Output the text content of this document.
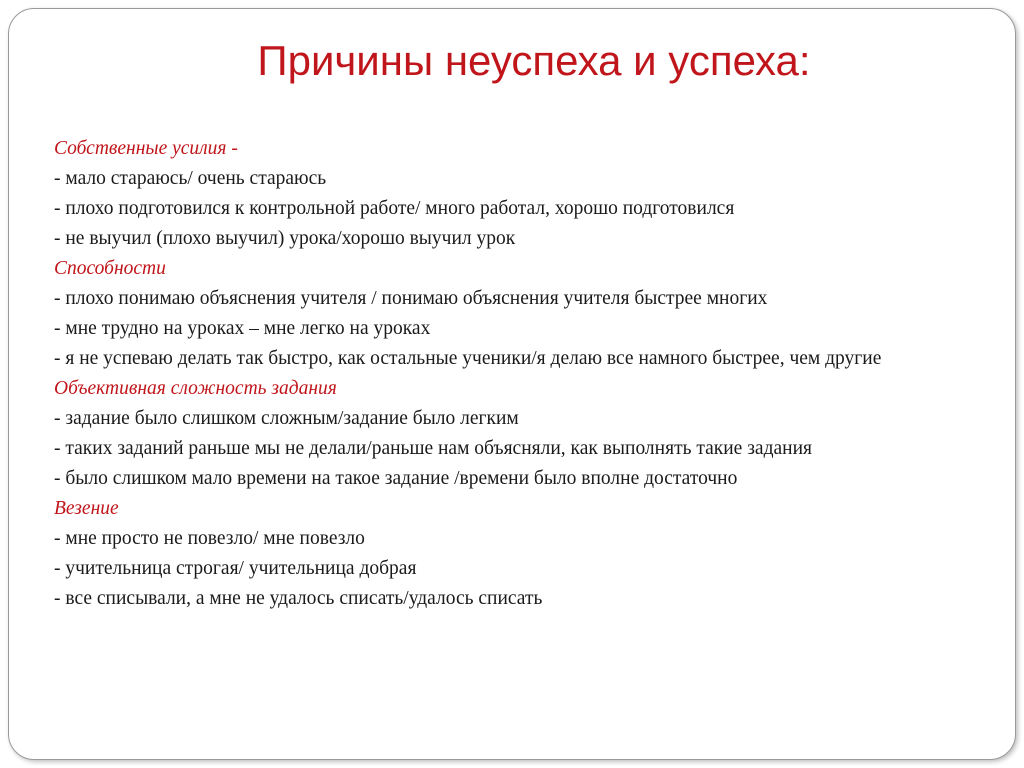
Причины неуспеха и успеха:

Собственные усилия -

- мало стараюсь/ очень стараюсь

- плохо подготовился к контрольной работе/ много работал, хорошо подготовился

- не выучил (плохо выучил) урока/хорошо выучил урок

Способности

- плохо понимаю объяснения учителя / понимаю объяснения учителя быстрее многих

- мне трудно на уроках – мне легко на уроках

- я не успеваю делать так быстро, как остальные ученики/я делаю все намного быстрее, чем другие

Объективная сложность задания

- задание было слишком сложным/задание было легким

- таких заданий раньше мы не делали/раньше нам объясняли, как выполнять такие задания

- было слишком мало времени на такое задание /времени было вполне достаточно

Везение

- мне просто не повезло/ мне повезло

- учительница строгая/ учительница добрая

- все списывали, а мне не удалось списать/удалось списать
